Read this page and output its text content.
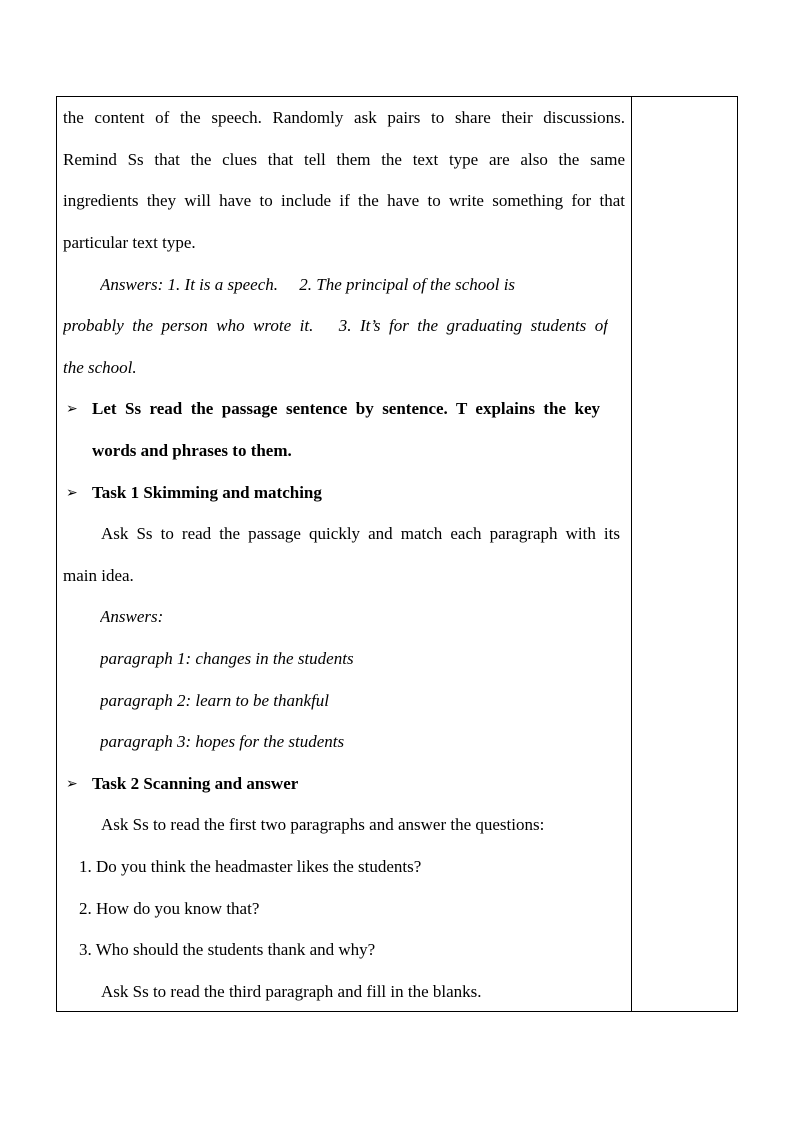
the content of the speech. Randomly ask pairs to share their discussions.
Remind Ss that the clues that tell them the text type are also the same
ingredients they will have to include if the have to write something for that
particular text type.
Answers: 1. It is a speech.  2. The principal of the school is
probably the person who wrote it.  3. It’s for the graduating students of
the school.
➢ Let Ss read the passage sentence by sentence. T explains the key
words and phrases to them.
➢ Task 1 Skimming and matching
Ask Ss to read the passage quickly and match each paragraph with its
main idea.
Answers:
paragraph 1: changes in the students
paragraph 2: learn to be thankful
paragraph 3: hopes for the students
➢ Task 2 Scanning and answer
Ask Ss to read the first two paragraphs and answer the questions:
1. Do you think the headmaster likes the students?
2. How do you know that?
3. Who should the students thank and why?
Ask Ss to read the third paragraph and fill in the blanks.
